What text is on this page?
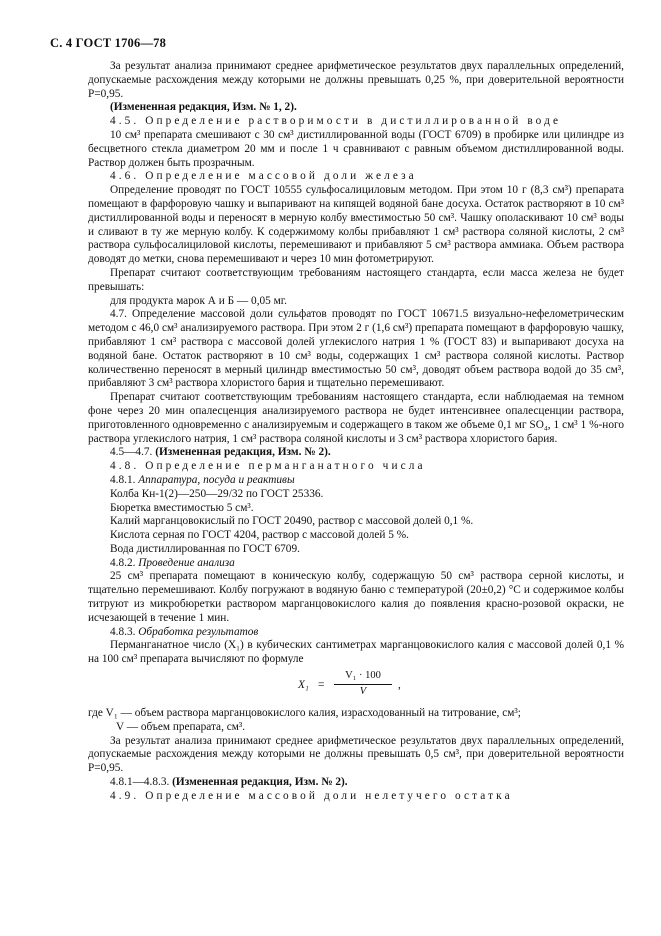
С. 4 ГОСТ 1706—78

За результат анализа принимают среднее арифметическое результатов двух параллельных определений, допускаемые расхождения между которыми не должны превышать 0,25 %, при доверительной вероятности P=0,95.

(Измененная редакция, Изм. № 1, 2).

4.5. Определение растворимости в дистиллированной воде

10 см³ препарата смешивают с 30 см³ дистиллированной воды (ГОСТ 6709) в пробирке или цилиндре из бесцветного стекла диаметром 20 мм и после 1 ч сравнивают с равным объемом дистиллированной воды. Раствор должен быть прозрачным.

4.6. Определение массовой доли железа

Определение проводят по ГОСТ 10555 сульфосалициловым методом. При этом 10 г (8,3 см³) препарата помещают в фарфоровую чашку и выпаривают на кипящей водяной бане досуха. Остаток растворяют в 10 см³ дистиллированной воды и переносят в мерную колбу вместимостью 50 см³. Чашку ополаскивают 10 см³ воды и сливают в ту же мерную колбу. К содержимому колбы прибавляют 1 см³ раствора соляной кислоты, 2 см³ раствора сульфосалициловой кислоты, перемешивают и прибавляют 5 см³ раствора аммиака. Объем раствора доводят до метки, снова перемешивают и через 10 мин фотометрируют.

Препарат считают соответствующим требованиям настоящего стандарта, если масса железа не будет превышать:

для продукта марок А и Б — 0,05 мг.

4.7. Определение массовой доли сульфатов проводят по ГОСТ 10671.5 визуально-нефелометрическим методом с 46,0 см³ анализируемого раствора. При этом 2 г (1,6 см³) препарата помещают в фарфоровую чашку, прибавляют 1 см³ раствора с массовой долей углекислого натрия 1 % (ГОСТ 83) и выпаривают досуха на водяной бане. Остаток растворяют в 10 см³ воды, содержащих 1 см³ раствора соляной кислоты. Раствор количественно переносят в мерный цилиндр вместимостью 50 см³, доводят объем раствора водой до 35 см³, прибавляют 3 см³ раствора хлористого бария и тщательно перемешивают.

Препарат считают соответствующим требованиям настоящего стандарта, если наблюдаемая на темном фоне через 20 мин опалесценция анализируемого раствора не будет интенсивнее опалесценции раствора, приготовленного одновременно с анализируемым и содержащего в таком же объеме 0,1 мг SO₄, 1 см³ 1 %-ного раствора углекислого натрия, 1 см³ раствора соляной кислоты и 3 см³ раствора хлористого бария.

4.5—4.7. (Измененная редакция, Изм. № 2).

4.8. Определение перманганатного числа

4.8.1. Аппаратура, посуда и реактивы

Колба Кн-1(2)—250—29/32 по ГОСТ 25336.

Бюретка вместимостью 5 см³.

Калий марганцовокислый по ГОСТ 20490, раствор с массовой долей 0,1 %.

Кислота серная по ГОСТ 4204, раствор с массовой долей 5 %.

Вода дистиллированная по ГОСТ 6709.

4.8.2. Проведение анализа

25 см³ препарата помещают в коническую колбу, содержащую 50 см³ раствора серной кислоты, и тщательно перемешивают. Колбу погружают в водяную баню с температурой (20±0,2) °С и содержимое колбы титруют из микробюретки раствором марганцовокислого калия до появления красно-розовой окраски, не исчезающей в течение 1 мин.

4.8.3. Обработка результатов

Перманганатное число (X₁) в кубических сантиметрах марганцовокислого калия с массовой долей 0,1 % на 100 см³ препарата вычисляют по формуле

$X_1 = \frac{\text{V₁ · 100}}{V}$ ,

где V₁ — объем раствора марганцовокислого калия, израсходованный на титрование, см³;

V — объем препарата, см³.

За результат анализа принимают среднее арифметическое результатов двух параллельных определений, допускаемые расхождения между которыми не должны превышать 0,5 см³, при доверительной вероятности P=0,95.

4.8.1—4.8.3. (Измененная редакция, Изм. № 2).

4.9. Определение массовой доли нелетучего остатка
